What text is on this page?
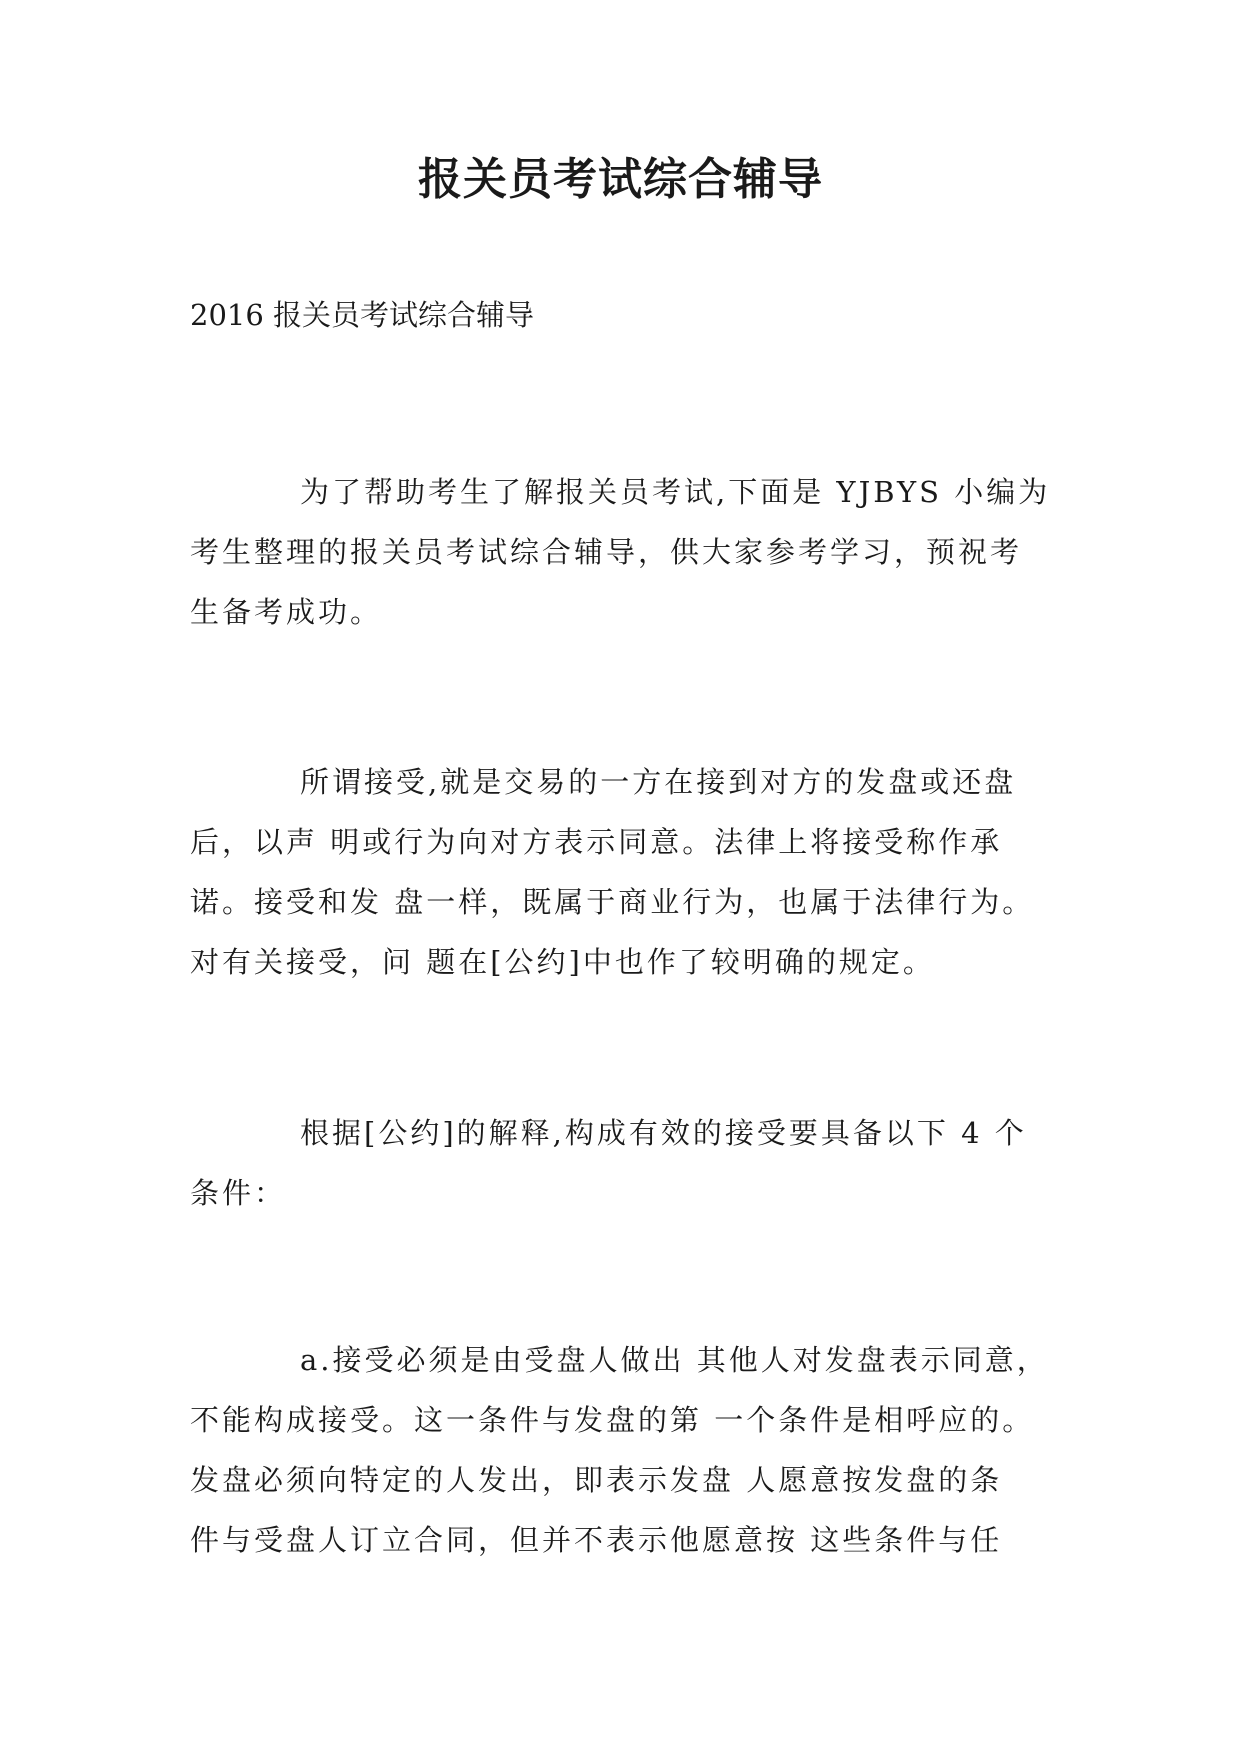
报关员考试综合辅导
2016 报关员考试综合辅导
为了帮助考生了解报关员考试,下面是 YJBYS 小编为
考生整理的报关员考试综合辅导，供大家参考学习，预祝考
生备考成功。
所谓接受,就是交易的一方在接到对方的发盘或还盘
后，以声 明或行为向对方表示同意。法律上将接受称作承
诺。接受和发 盘一样，既属于商业行为，也属于法律行为。
对有关接受，问 题在[公约]中也作了较明确的规定。
根据[公约]的解释,构成有效的接受要具备以下 4 个
条件：
a.接受必须是由受盘人做出 其他人对发盘表示同意，
不能构成接受。这一条件与发盘的第 一个条件是相呼应的。
发盘必须向特定的人发出，即表示发盘 人愿意按发盘的条
件与受盘人订立合同，但并不表示他愿意按 这些条件与任
